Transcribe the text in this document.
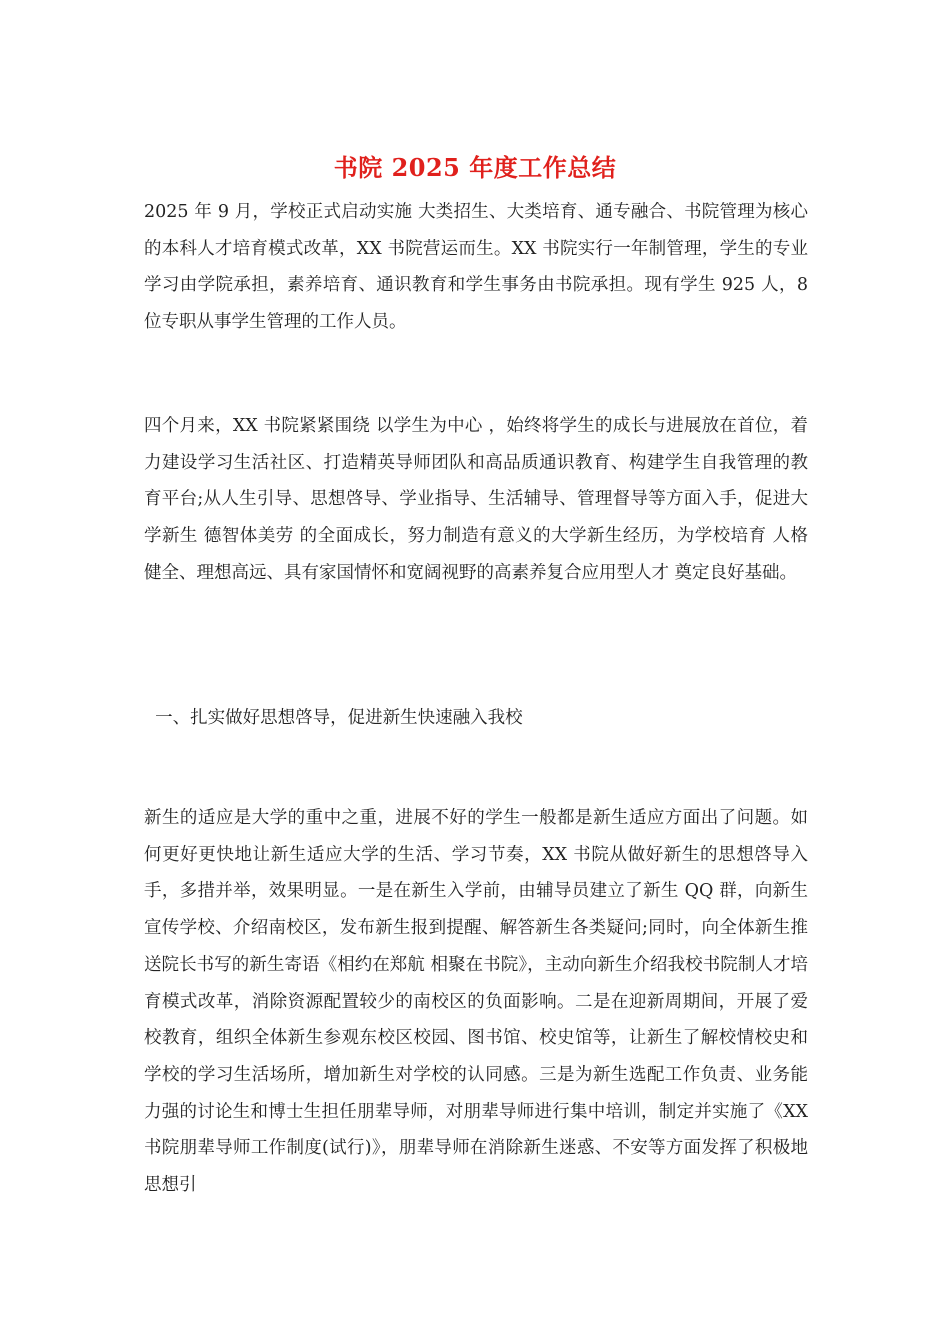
书院 2025 年度工作总结

2025 年 9 月，学校正式启动实施 大类招生、大类培育、通专融合、书院管理为核心的本科人才培育模式改革，XX 书院营运而生。XX 书院实行一年制管理，学生的专业学习由学院承担，素养培育、通识教育和学生事务由书院承担。现有学生 925 人，8 位专职从事学生管理的工作人员。

四个月来，XX 书院紧紧围绕 以学生为中心 ，始终将学生的成长与进展放在首位，着力建设学习生活社区、打造精英导师团队和高品质通识教育、构建学生自我管理的教育平台;从人生引导、思想啓导、学业指导、生活辅导、管理督导等方面入手，促进大学新生 德智体美劳 的全面成长，努力制造有意义的大学新生经历，为学校培育 人格健全、理想高远、具有家国情怀和宽阔视野的高素养复合应用型人才 奠定良好基础。

一、扎实做好思想啓导，促进新生快速融入我校

新生的适应是大学的重中之重，进展不好的学生一般都是新生适应方面出了问题。如何更好更快地让新生适应大学的生活、学习节奏，XX 书院从做好新生的思想啓导入手，多措并举，效果明显。一是在新生入学前，由辅导员建立了新生 QQ 群，向新生宣传学校、介绍南校区，发布新生报到提醒、解答新生各类疑问;同时，向全体新生推送院长书写的新生寄语《相约在郑航 相聚在书院》，主动向新生介绍我校书院制人才培育模式改革，消除资源配置较少的南校区的负面影响。二是在迎新周期间，开展了爱校教育，组织全体新生参观东校区校园、图书馆、校史馆等，让新生了解校情校史和学校的学习生活场所，增加新生对学校的认同感。三是为新生选配工作负责、业务能力强的讨论生和博士生担任朋辈导师，对朋辈导师进行集中培训，制定并实施了《XX 书院朋辈导师工作制度(试行)》，朋辈导师在消除新生迷惑、不安等方面发挥了积极地思想引
